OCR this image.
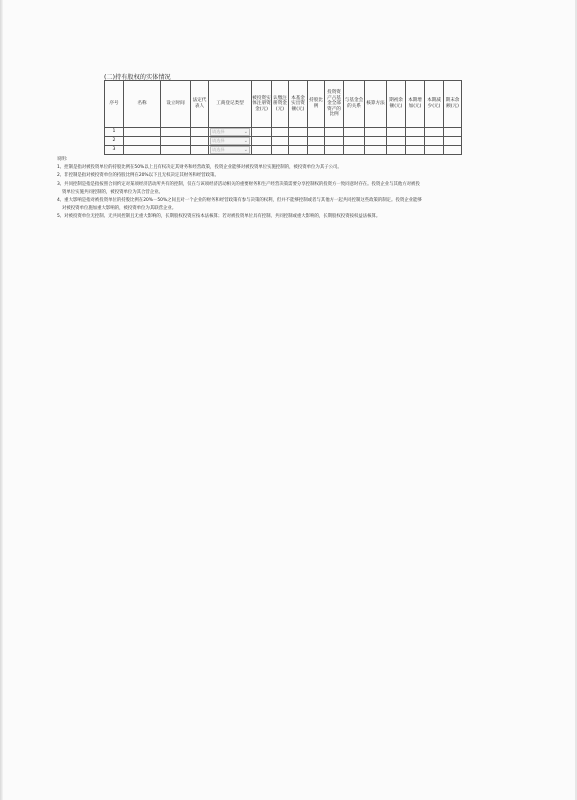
(二)持有股权的实体情况
序号	名称	设立时间	法定代表人	工商登记类型	被投资实体注册资金(元)	认缴注册资金(元)	本基金实出资额(元)	持股比例	投资资产占基金全部资产的比例	与基金会的关系	核算方法	期初余额(元)	本期增加(元)	本期减少(元)	期末余额(元)
1				请选择 ⌄											

2				请选择 ⌄											

3				请选择 ⌄											

说明:
1、控制是指对被投资单位的持股比例在50%以上且有权决定其财务和经营政策，投资企业能够对被投资单位实施控制的，被投资单位为其子公司。
2、非控制是指对被投资单位的持股比例在20%以下且无权决定其财务和经营政策。
3、共同控制是指是指按照合同约定对某项经济活动所共有的控制，仅在与该项经济活动相关的重要财务和生产经营决策需要分享控制权的投资方一致同意时存在。投资企业与其他方对被投
资单位实施共同控制的，被投资单位为其合营企业。
4、重大影响是指对被投资单位的持股比例在20%－50%之间且对一个企业的财务和经营政策有参与决策的权利，但并不能够控制或者与其他方一起共同控制这些政策的制定。投资企业能够
对被投资单位施加重大影响的，被投资单位为其联营企业。
5、对被投资单位无控制、无共同控制且无重大影响的，长期股权投资应按本法核算；若对被投资单位具有控制、共同控制或重大影响的，长期股权投资按权益法核算。
